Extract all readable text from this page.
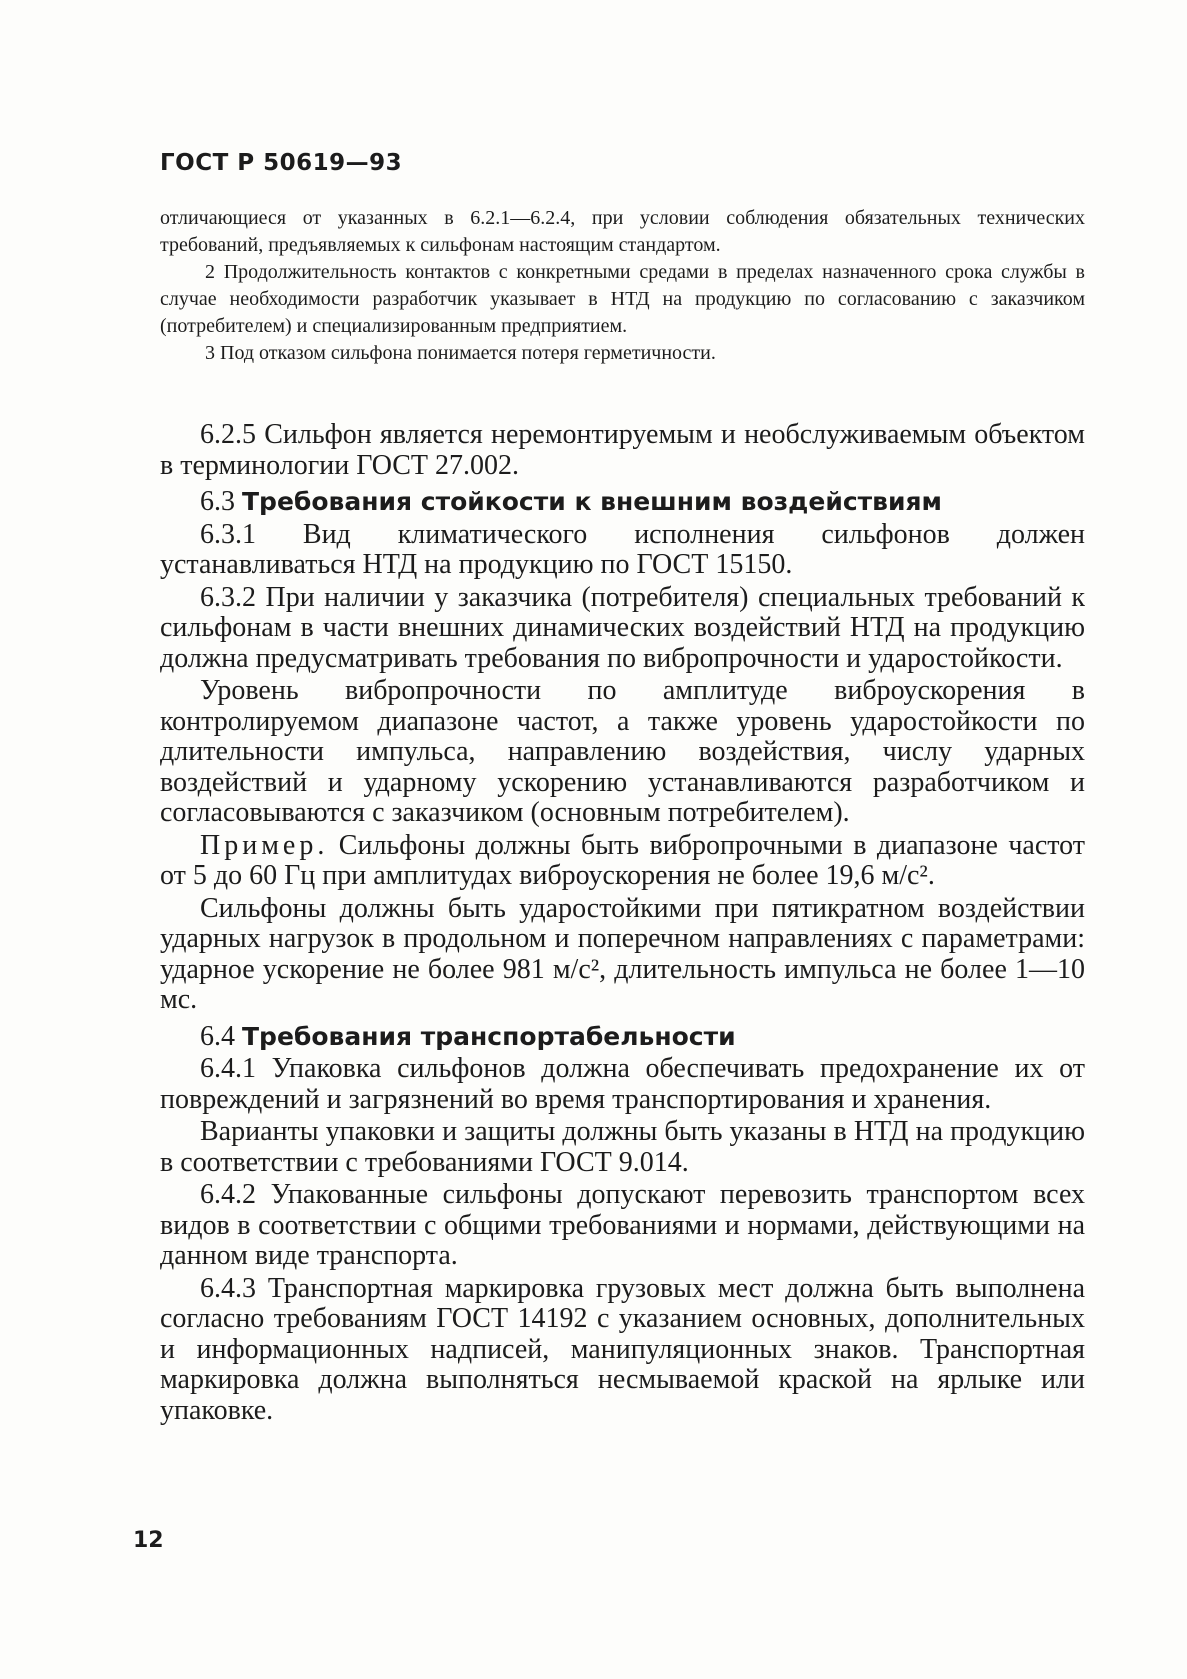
ГОСТ Р 50619—93

отличающиеся от указанных в 6.2.1—6.2.4, при условии соблюдения обязательных технических требований, предъявляемых к сильфонам настоящим стандартом.

2 Продолжительность контактов с конкретными средами в пределах назначенного срока службы в случае необходимости разработчик указывает в НТД на продукцию по согласованию с заказчиком (потребителем) и специализированным предприятием.

3 Под отказом сильфона понимается потеря герметичности.

6.2.5 Сильфон является неремонтируемым и необслуживаемым объектом в терминологии ГОСТ 27.002.

6.3 Требования стойкости к внешним воздействиям

6.3.1 Вид климатического исполнения сильфонов должен устанавливаться НТД на продукцию по ГОСТ 15150.

6.3.2 При наличии у заказчика (потребителя) специальных требований к сильфонам в части внешних динамических воздействий НТД на продукцию должна предусматривать требования по вибропрочности и ударостойкости.

Уровень вибропрочности по амплитуде виброускорения в контролируемом диапазоне частот, а также уровень ударостойкости по длительности импульса, направлению воздействия, числу ударных воздействий и ударному ускорению устанавливаются разработчиком и согласовываются с заказчиком (основным потребителем).

Пример. Сильфоны должны быть вибропрочными в диапазоне частот от 5 до 60 Гц при амплитудах виброускорения не более 19,6 м/с².

Сильфоны должны быть ударостойкими при пятикратном воздействии ударных нагрузок в продольном и поперечном направлениях с параметрами: ударное ускорение не более 981 м/с², длительность импульса не более 1—10 мс.

6.4 Требования транспортабельности

6.4.1 Упаковка сильфонов должна обеспечивать предохранение их от повреждений и загрязнений во время транспортирования и хранения.

Варианты упаковки и защиты должны быть указаны в НТД на продукцию в соответствии с требованиями ГОСТ 9.014.

6.4.2 Упакованные сильфоны допускают перевозить транспортом всех видов в соответствии с общими требованиями и нормами, действующими на данном виде транспорта.

6.4.3 Транспортная маркировка грузовых мест должна быть выполнена согласно требованиям ГОСТ 14192 с указанием основных, дополнительных и информационных надписей, манипуляционных знаков. Транспортная маркировка должна выполняться несмываемой краской на ярлыке или упаковке.

12
